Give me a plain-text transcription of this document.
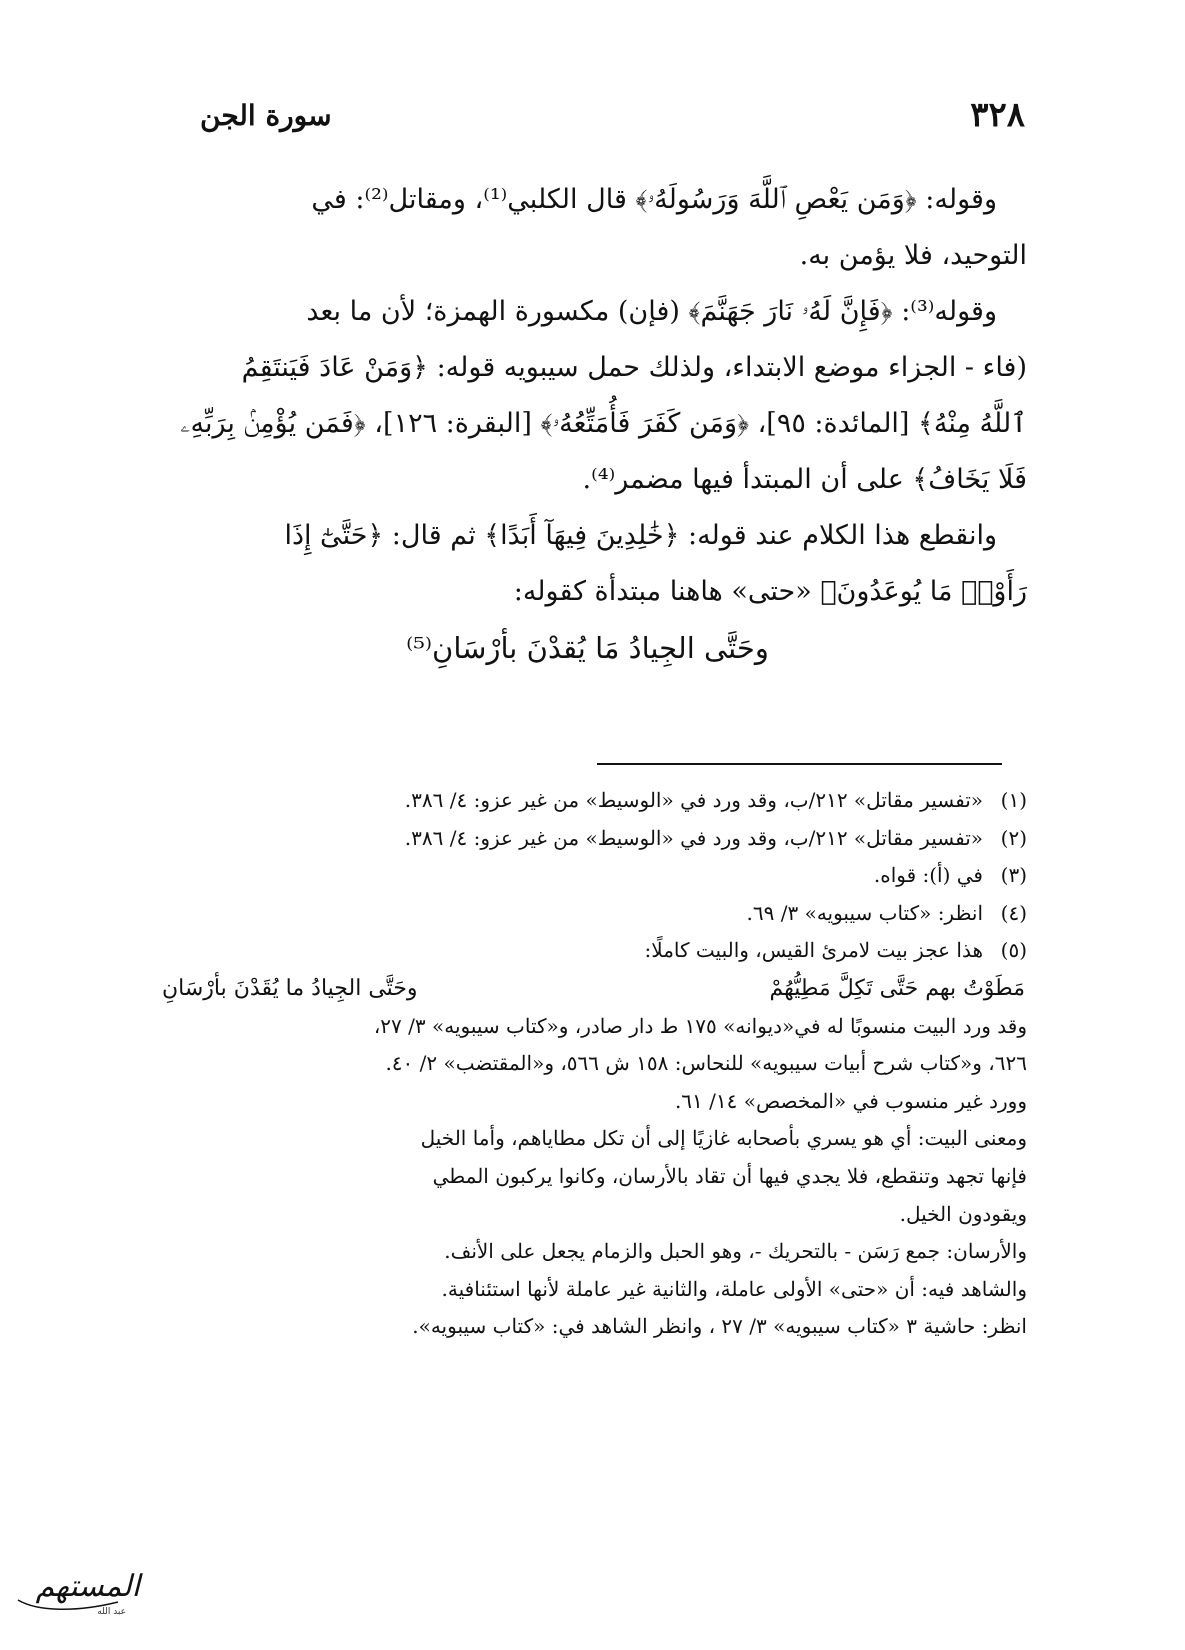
٣٢٨
سورة الجن

وقوله: ﴿وَمَن يَعْصِ ٱللَّهَ وَرَسُولَهُۥ﴾ قال الكلبي⁽¹⁾، ومقاتل⁽²⁾: في

التوحيد، فلا يؤمن به.

وقوله⁽³⁾: ﴿فَإِنَّ لَهُۥ نَارَ جَهَنَّمَ﴾ (فإن) مكسورة الهمزة؛ لأن ما بعد

(فاء - الجزاء موضع الابتداء، ولذلك حمل سيبويه قوله: ﴿وَمَنْ عَادَ فَيَنتَقِمُ

ٱللَّهُ مِنْهُ﴾ [المائدة: ٩٥]، ﴿وَمَن كَفَرَ فَأُمَتِّعُهُۥ﴾ [البقرة: ١٢٦]، ﴿فَمَن يُؤْمِنۢ بِرَبِّهِۦ

فَلَا يَخَافُ﴾ على أن المبتدأ فيها مضمر⁽⁴⁾.

وانقطع هذا الكلام عند قوله: ﴿خَٰلِدِينَ فِيهَآ أَبَدًا﴾ ثم قال: ﴿حَتَّىٰٓ إِذَا

رَأَوْا۟ مَا يُوعَدُونَ﴾ «حتى» هاهنا مبتدأة كقوله:

وحَتَّى الجِيادُ مَا يُقدْنَ بأرْسَانِ⁽⁵⁾

(١)
«تفسير مقاتل» ٢١٢/ب، وقد ورد في «الوسيط» من غير عزو: ٤/ ٣٨٦.
(٢)
«تفسير مقاتل» ٢١٢/ب، وقد ورد في «الوسيط» من غير عزو: ٤/ ٣٨٦.
(٣)
في (أ): قواه.
(٤)
انظر: «كتاب سيبويه» ٣/ ٦٩.
(٥)
هذا عجز بيت لامرئ القيس، والبيت كاملًا:
مَطَوْتُ بهم حَتَّى تَكِلَّ مَطِيُّهُمْ
وحَتَّى الجِيادُ ما يُقَدْنَ بأرْسَانِ

وقد ورد البيت منسوبًا له في«ديوانه» ١٧٥ ط دار صادر، و«كتاب سيبويه» ٣/ ٢٧،

٦٢٦، و«كتاب شرح أبيات سيبويه» للنحاس: ١٥٨ ش ٥٦٦، و«المقتضب» ٢/ ٤٠.

وورد غير منسوب في «المخصص» ١٤/ ٦١.

ومعنى البيت: أي هو يسري بأصحابه غازيًا إلى أن تكل مطاياهم، وأما الخيل

فإنها تجهد وتنقطع، فلا يجدي فيها أن تقاد بالأرسان، وكانوا يركبون المطي

ويقودون الخيل.

والأرسان: جمع رَسَن - بالتحريك -، وهو الحبل والزمام يجعل على الأنف.

والشاهد فيه: أن «حتى» الأولى عاملة، والثانية غير عاملة لأنها استئنافية.

انظر: حاشية ٣ «كتاب سيبويه» ٣/ ٢٧ ، وانظر الشاهد في: «كتاب سيبويه».

المستهم
عبد الله
